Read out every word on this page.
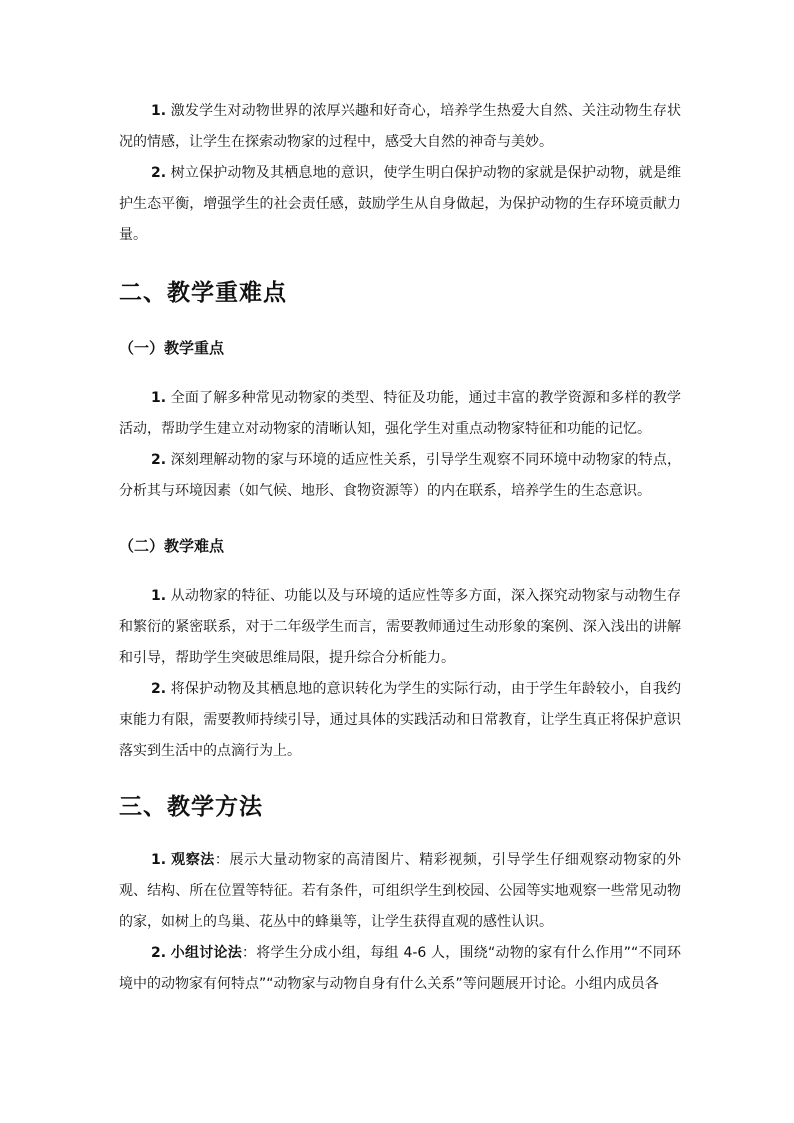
1. 激发学生对动物世界的浓厚兴趣和好奇心，培养学生热爱大自然、关注动物生存状况的情感，让学生在探索动物家的过程中，感受大自然的神奇与美妙。

2. 树立保护动物及其栖息地的意识，使学生明白保护动物的家就是保护动物，就是维护生态平衡，增强学生的社会责任感，鼓励学生从自身做起，为保护动物的生存环境贡献力量。

二、教学重难点
（一）教学重点

1. 全面了解多种常见动物家的类型、特征及功能，通过丰富的教学资源和多样的教学活动，帮助学生建立对动物家的清晰认知，强化学生对重点动物家特征和功能的记忆。

2. 深刻理解动物的家与环境的适应性关系，引导学生观察不同环境中动物家的特点，分析其与环境因素（如气候、地形、食物资源等）的内在联系，培养学生的生态意识。

（二）教学难点

1. 从动物家的特征、功能以及与环境的适应性等多方面，深入探究动物家与动物生存和繁衍的紧密联系，对于二年级学生而言，需要教师通过生动形象的案例、深入浅出的讲解和引导，帮助学生突破思维局限，提升综合分析能力。

2. 将保护动物及其栖息地的意识转化为学生的实际行动，由于学生年龄较小，自我约束能力有限，需要教师持续引导，通过具体的实践活动和日常教育，让学生真正将保护意识落实到生活中的点滴行为上。

三、教学方法

1. 观察法：展示大量动物家的高清图片、精彩视频，引导学生仔细观察动物家的外观、结构、所在位置等特征。若有条件，可组织学生到校园、公园等实地观察一些常见动物的家，如树上的鸟巢、花丛中的蜂巢等，让学生获得直观的感性认识。

2. 小组讨论法：将学生分成小组，每组 4-6 人，围绕“动物的家有什么作用”“不同环境中的动物家有何特点”“动物家与动物自身有什么关系”等问题展开讨论。小组内成员各
